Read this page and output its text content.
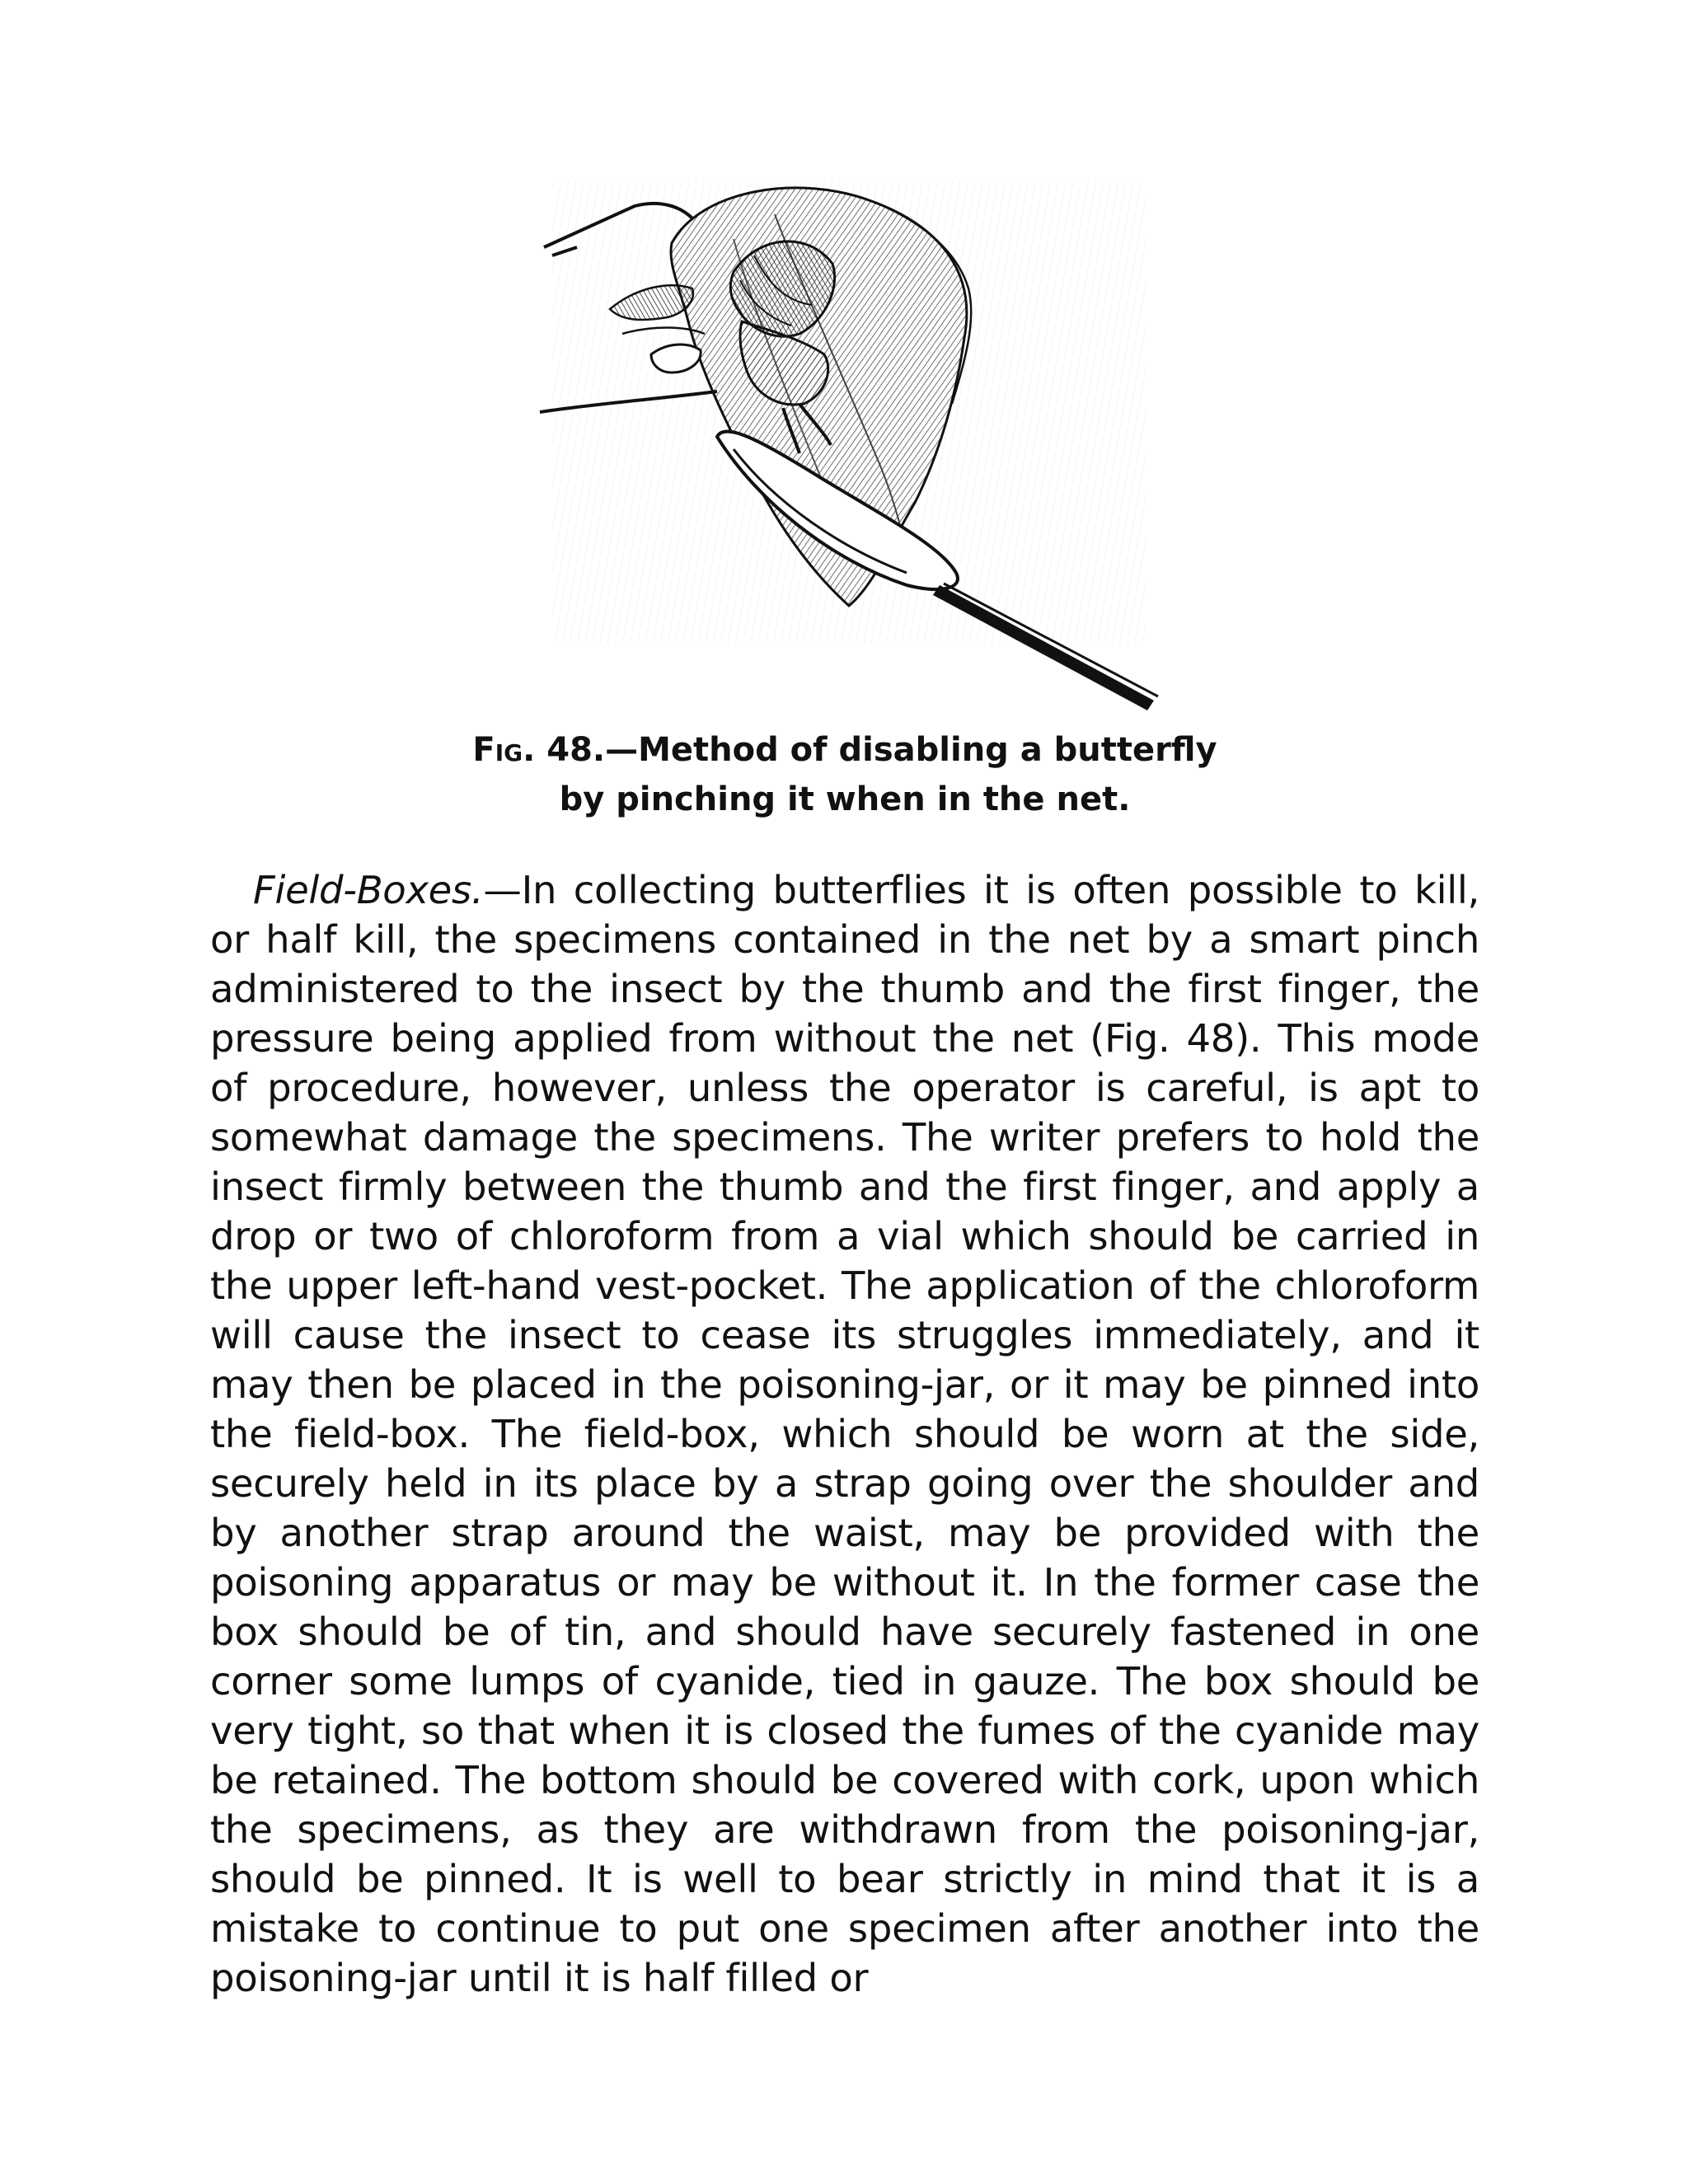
Fig. 48.—Method of disabling a butterfly by pinching it when in the net.

Field-Boxes.—In collecting butterflies it is often possible to kill, or half kill, the specimens contained in the net by a smart pinch administered to the insect by the thumb and the first finger, the pressure being applied from without the net (Fig. 48). This mode of procedure, however, unless the operator is careful, is apt to somewhat damage the specimens. The writer prefers to hold the insect firmly between the thumb and the first finger, and apply a drop or two of chloroform from a vial which should be carried in the upper left-hand vest-pocket. The application of the chloroform will cause the insect to cease its struggles immediately, and it may then be placed in the poisoning-jar, or it may be pinned into the field-box. The field-box, which should be worn at the side, securely held in its place by a strap going over the shoulder and by another strap around the waist, may be provided with the poisoning apparatus or may be without it. In the former case the box should be of tin, and should have securely fastened in one corner some lumps of cyanide, tied in gauze. The box should be very tight, so that when it is closed the fumes of the cyanide may be retained. The bottom should be covered with cork, upon which the specimens, as they are withdrawn from the poisoning-jar, should be pinned. It is well to bear strictly in mind that it is a mistake to continue to put one specimen after another into the poisoning-jar until it is half filled or
